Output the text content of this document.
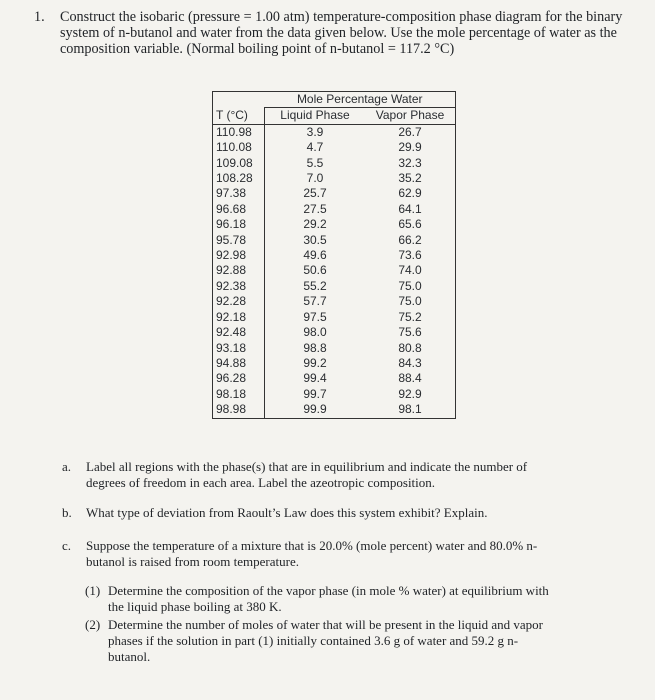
1. Construct the isobaric (pressure = 1.00 atm) temperature-composition phase diagram for the binary system of n-butanol and water from the data given below. Use the mole percentage of water as the composition variable. (Normal boiling point of n-butanol = 117.2 °C)
	Mole Percentage Water	
T (°C)	Liquid Phase	Vapor Phase
110.98	3.9	26.7
110.08	4.7	29.9
109.08	5.5	32.3
108.28	7.0	35.2
97.38	25.7	62.9
96.68	27.5	64.1
96.18	29.2	65.6
95.78	30.5	66.2
92.98	49.6	73.6
92.88	50.6	74.0
92.38	55.2	75.0
92.28	57.7	75.0
92.18	97.5	75.2
92.48	98.0	75.6
93.18	98.8	80.8
94.88	99.2	84.3
96.28	99.4	88.4
98.18	99.7	92.9
98.98	99.9	98.1
a. Label all regions with the phase(s) that are in equilibrium and indicate the number of
degrees of freedom in each area. Label the azeotropic composition.
b. What type of deviation from Raoult’s Law does this system exhibit? Explain.
c. Suppose the temperature of a mixture that is 20.0% (mole percent) water and 80.0% n-
butanol is raised from room temperature.
(1) Determine the composition of the vapor phase (in mole % water) at equilibrium with
the liquid phase boiling at 380 K.
(2) Determine the number of moles of water that will be present in the liquid and vapor
phases if the solution in part (1) initially contained 3.6 g of water and 59.2 g n-
butanol.
